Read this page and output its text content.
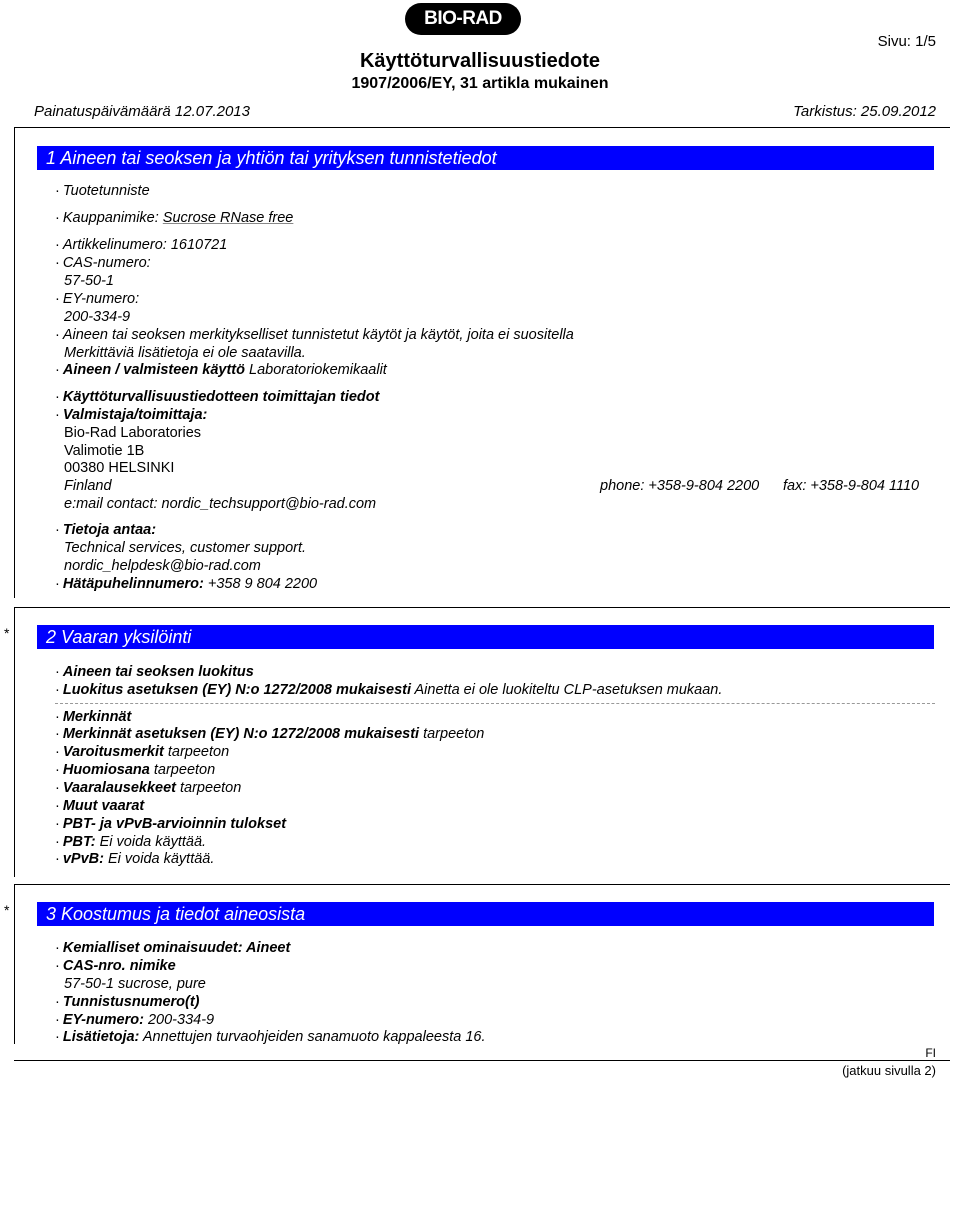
BIO-RAD
Käyttöturvallisuustiedote
1907/2006/EY, 31 artikla mukainen
Sivu: 1/5
Painatuspäivämäärä 12.07.2013	Tarkistus: 25.09.2012
1 Aineen tai seoksen ja yhtiön tai yrityksen tunnistetiedot
· Tuotetunniste
· Kauppanimike: Sucrose RNase free
· Artikkelinumero: 1610721
· CAS-numero:
57-50-1
· EY-numero:
200-334-9
· Aineen tai seoksen merkitykselliset tunnistetut käytöt ja käytöt, joita ei suositella
Merkittäviä lisätietoja ei ole saatavilla.
· Aineen / valmisteen käyttö Laboratoriokemikaalit
· Käyttöturvallisuustiedotteen toimittajan tiedot
· Valmistaja/toimittaja:
Bio-Rad Laboratories
Valimotie 1B
00380 HELSINKI
Finland	phone: +358-9-804 2200 fax: +358-9-804 1110
e:mail contact: nordic_techsupport@bio-rad.com
· Tietoja antaa:
Technical services, customer support.
nordic_helpdesk@bio-rad.com
· Hätäpuhelinnumero: +358 9 804 2200
*	2 Vaaran yksilöinti
· Aineen tai seoksen luokitus
· Luokitus asetuksen (EY) N:o 1272/2008 mukaisesti Ainetta ei ole luokiteltu CLP-asetuksen mukaan.
· Merkinnät
· Merkinnät asetuksen (EY) N:o 1272/2008 mukaisesti tarpeeton
· Varoitusmerkit tarpeeton
· Huomiosana tarpeeton
· Vaaralausekkeet tarpeeton
· Muut vaarat
· PBT- ja vPvB-arvioinnin tulokset
· PBT: Ei voida käyttää.
· vPvB: Ei voida käyttää.
*	3 Koostumus ja tiedot aineosista
· Kemialliset ominaisuudet: Aineet
· CAS-nro. nimike
57-50-1 sucrose, pure
· Tunnistusnumero(t)
· EY-numero: 200-334-9
· Lisätietoja: Annettujen turvaohjeiden sanamuoto kappaleesta 16.
FI
(jatkuu sivulla 2)
